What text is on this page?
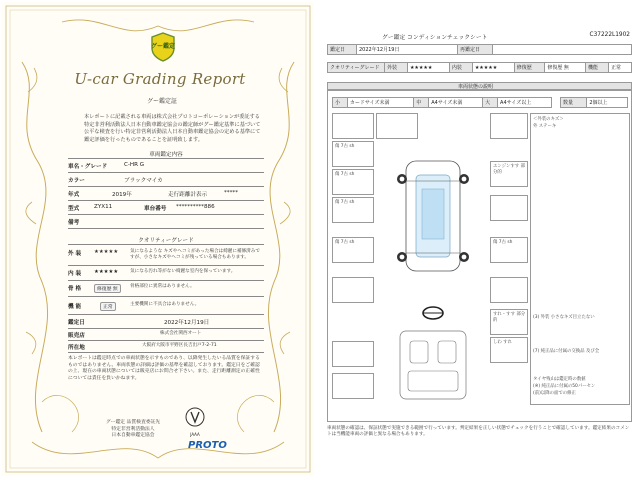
グー鑑定
U-car Grading Report
グー鑑定証
本レポートに記載される車両は株式会社プロトコーポレーションが委託する特定非営利活動法人日本自動車鑑定協会の鑑定師がグー鑑定基準に基づいて公平な検査を行い特定非営利活動法人日本自動車鑑定協会の定める基準にて鑑定評価を行ったものであることを証明致します。
車両鑑定内容
車名・グレード	C-HR G
カラー	ブラックマイカ
年式	2019年	走行距離計表示	*****
型式	ZYX11	車台番号 **********886
備考
クオリティーグレード
外 装 ★★★★★	気になるような キズやヘコミがあった場合は綺麗に補修済みですが、小さなキズやヘコミが残っている場合もあります。
内 装 ★★★★★	気になる汚れ等がない綺麗な室内を保っています。
骨 格	修復歴 無
骨格部位に異常はありません。
機 能	正常
主要機関に不具合はありません。
鑑定日	2022年12月19日
販売店	株式会社関西オート
所在地	大阪府大阪市平野区長吉出戸7-2-71
本レポートは鑑定時点での車両状態を示すものであり、以降発生したいる品質を保証するものではありません。車両状態の詳細は評価の基準を確認しております。鑑定日をご確認の上、現在の車両状態については販売店にお問合せ下さい。また、走行距離測定の正確性については責任を負いかねます。
グー鑑定 品質検査委託先
特定非営利活動法人
日本自動車鑑定協会	JAAA
PROTO
グー鑑定 コンディションチェックシート	C37222L1902
鑑定日	2022年12月19日	再鑑定日	
クオリティーグレード	外装	★★★★★	内装	★★★★★	修復歴	修復歴 無	機能	正常
車両状態の説明
小	カードサイズ未満	中	A4サイズ未満	大	A4サイズ以上	数量	2個以上
傷 7古 sh
傷 7古 sh
傷 7古 sh
傷 7古 sh
エンジンすす 部分的
傷 7古 sh
すれ・すす 部分的
しわ すれ
＜外装のキズ＞
外 ステーキ
(3) 外装 小さなキズ目立たない
タイヤ残山は鑑定時の数値
(※) 純正品に付属の50パーセン
(前)以降の面での修正
(7) 純正品に付属の交換品 及び全
車両状態の確認は、保証状態で実施できる範囲で行っています。判定結果を正しい状態でチェックを行うことで確認しています。鑑定結果のコメントは当機能車両の評価と異なる場合もあります。
